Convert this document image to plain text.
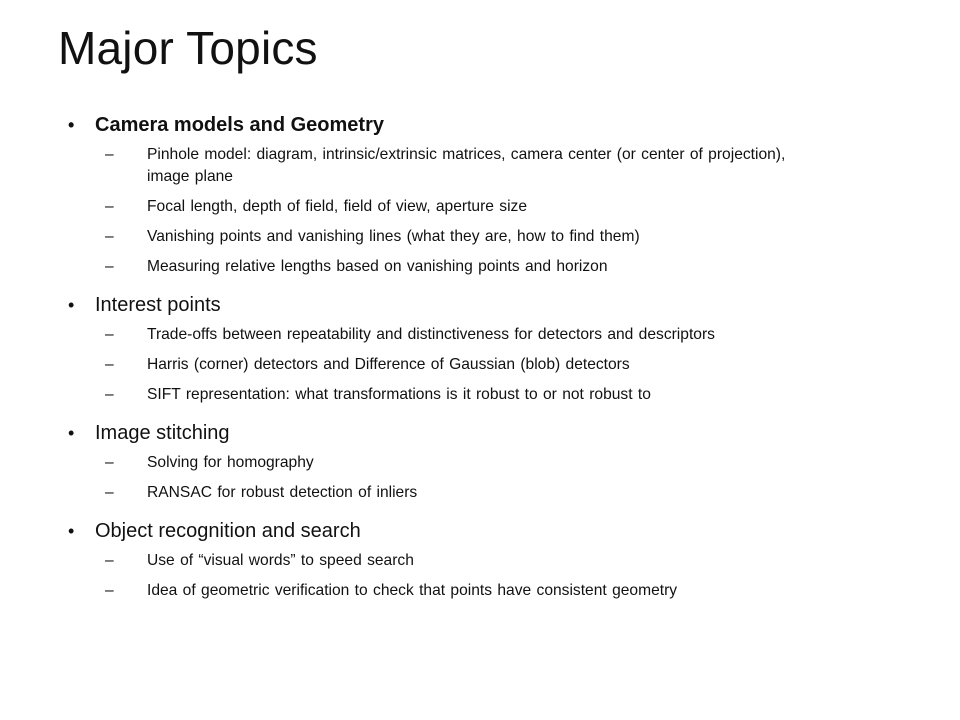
Major Topics
• Camera models and Geometry
– Pinhole model: diagram, intrinsic/extrinsic matrices, camera center (or center of projection), image plane
– Focal length, depth of field, field of view, aperture size
– Vanishing points and vanishing lines (what they are, how to find them)
– Measuring relative lengths based on vanishing points and horizon
• Interest points
– Trade-offs between repeatability and distinctiveness for detectors and descriptors
– Harris (corner) detectors and Difference of Gaussian (blob) detectors
– SIFT representation: what transformations is it robust to or not robust to
• Image stitching
– Solving for homography
– RANSAC for robust detection of inliers
• Object recognition and search
– Use of “visual words” to speed search
– Idea of geometric verification to check that points have consistent geometry
